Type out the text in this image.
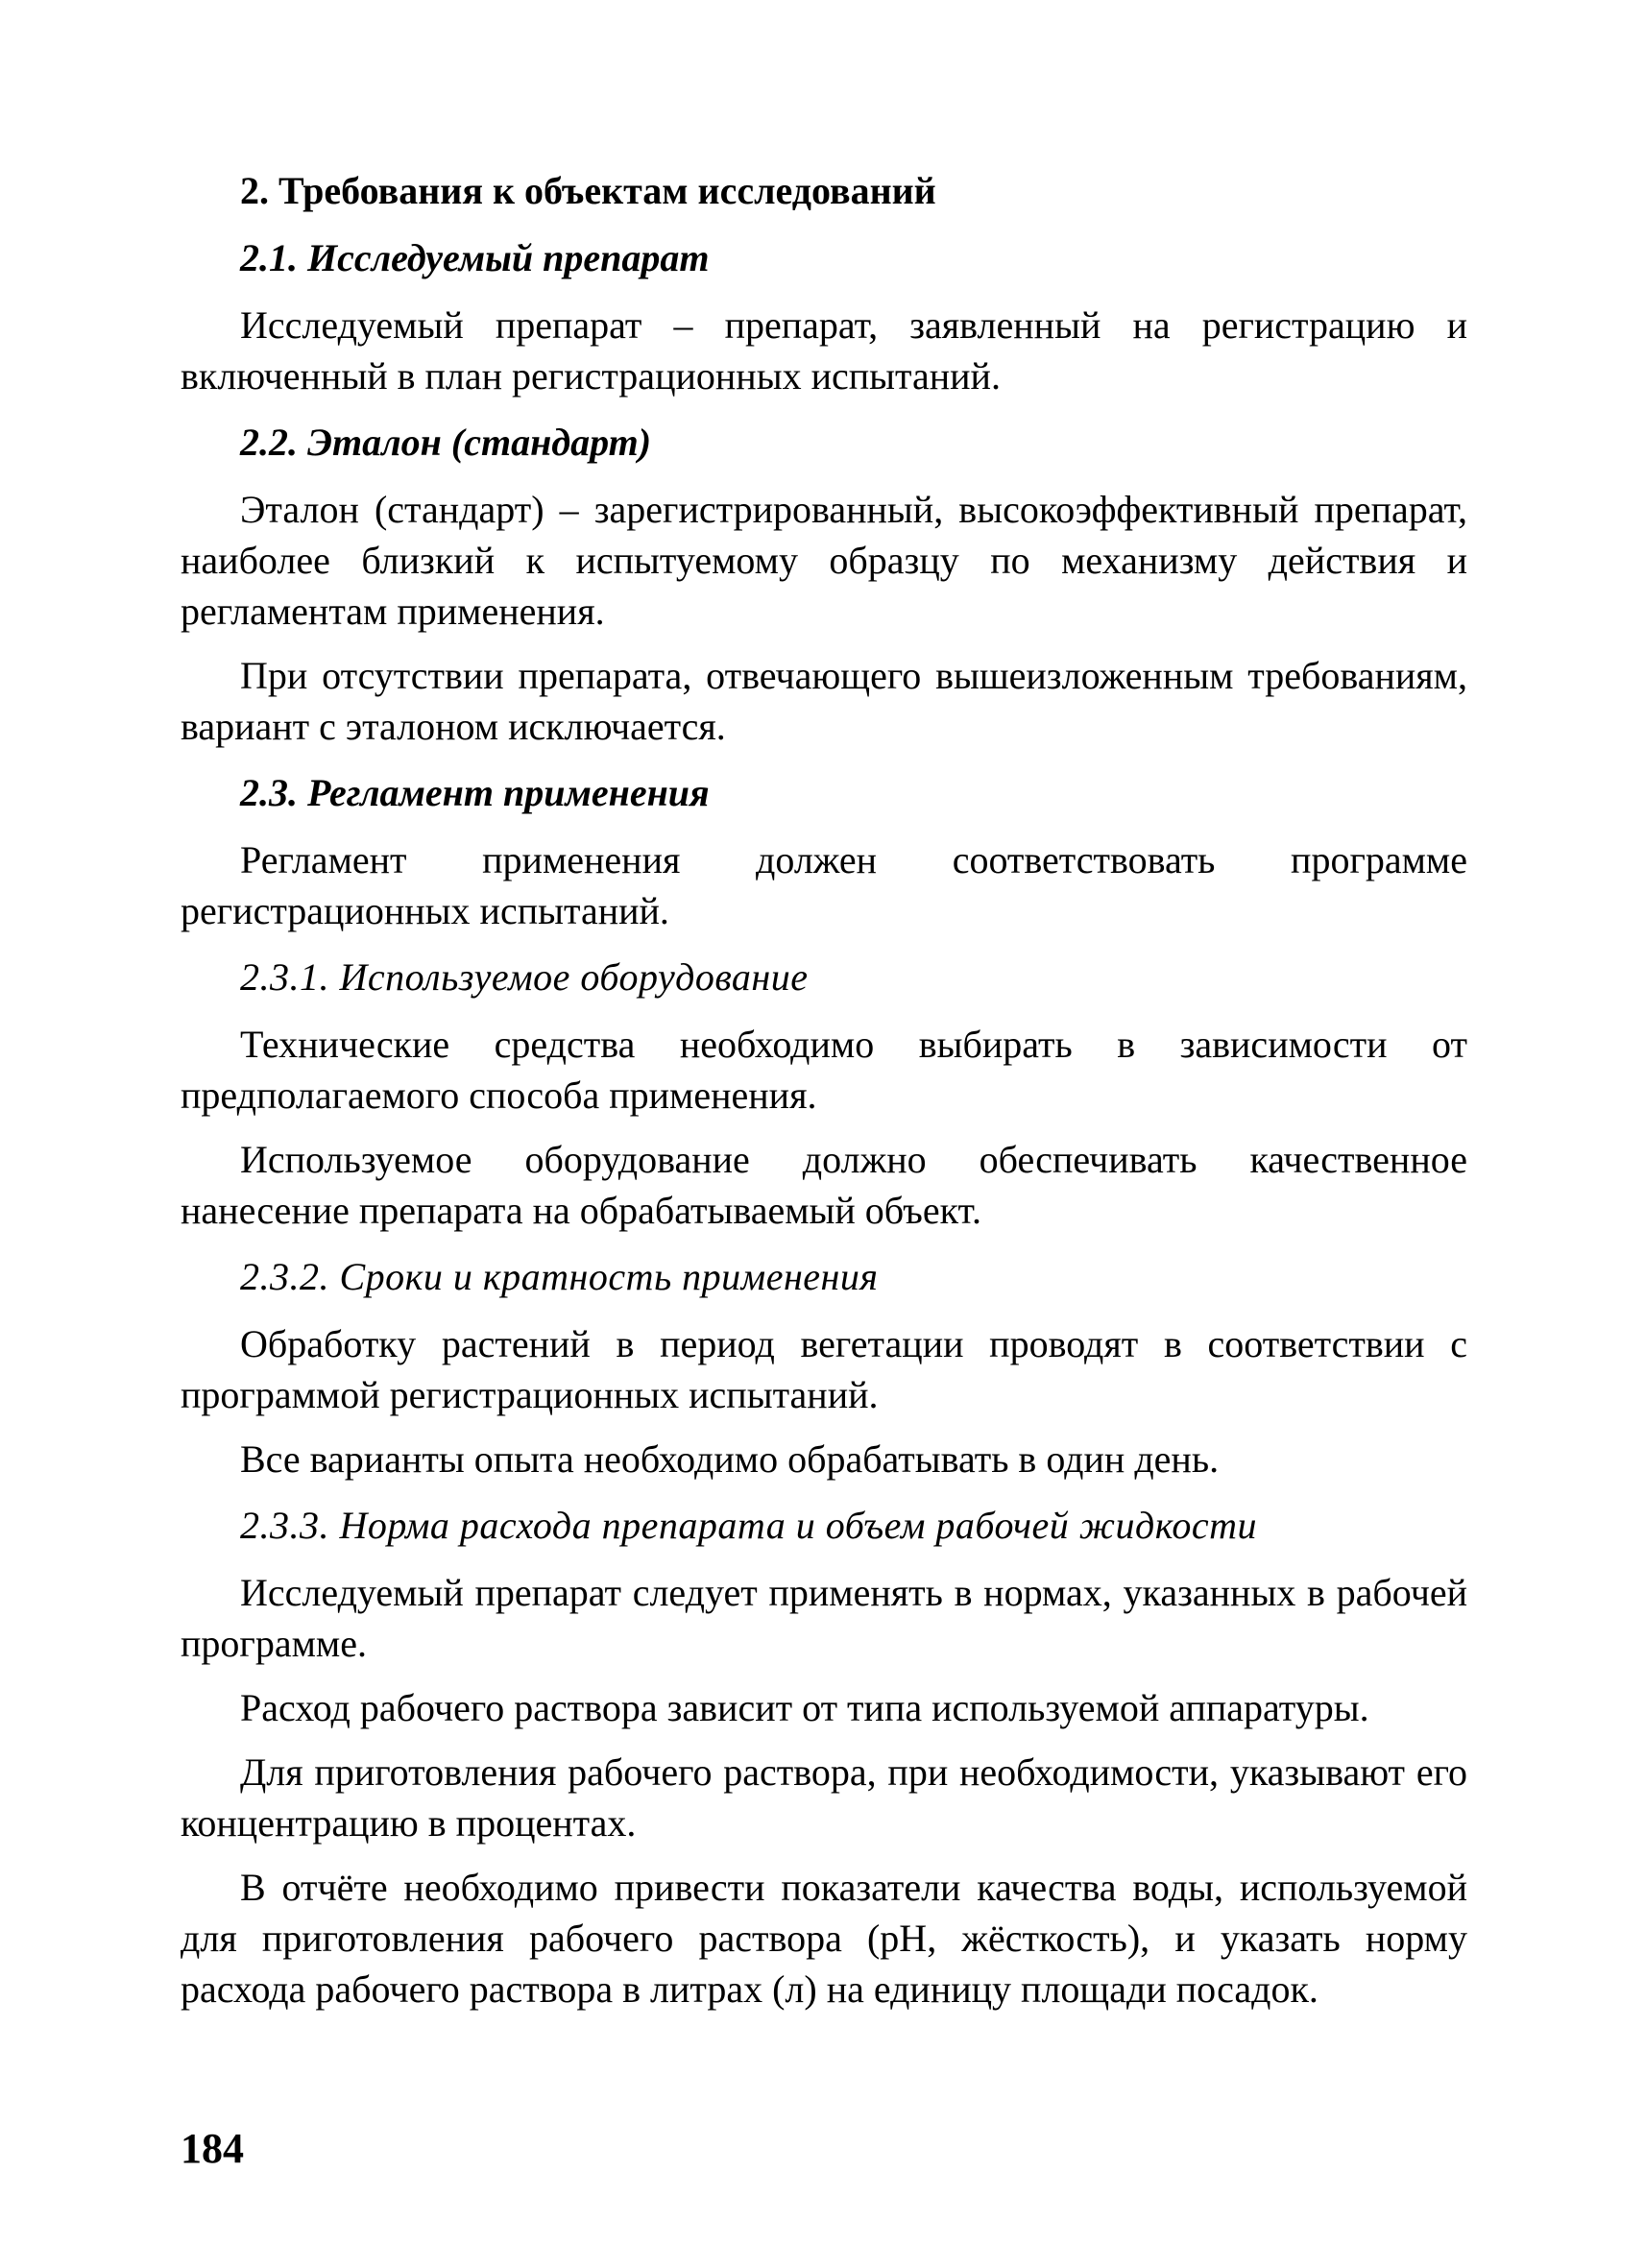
2. Требования к объектам исследований
2.1. Исследуемый препарат

Исследуемый препарат – препарат, заявленный на регистрацию и включенный в план регистрационных испытаний.

2.2. Эталон (стандарт)

Эталон (стандарт) – зарегистрированный, высокоэффективный препарат, наиболее близкий к испытуемому образцу по механизму действия и регламентам применения.

При отсутствии препарата, отвечающего вышеизложенным требованиям, вариант с эталоном исключается.

2.3. Регламент применения

Регламент применения должен соответствовать программе регистрационных испытаний.

2.3.1. Используемое оборудование

Технические средства необходимо выбирать в зависимости от предполагаемого способа применения.

Используемое оборудование должно обеспечивать качественное нанесение препарата на обрабатываемый объект.

2.3.2. Сроки и кратность применения

Обработку растений в период вегетации проводят в соответствии с программой регистрационных испытаний.

Все варианты опыта необходимо обрабатывать в один день.

2.3.3. Норма расхода препарата и объем рабочей жидкости

Исследуемый препарат следует применять в нормах, указанных в рабочей программе.

Расход рабочего раствора зависит от типа используемой аппаратуры.

Для приготовления рабочего раствора, при необходимости, указывают его концентрацию в процентах.

В отчёте необходимо привести показатели качества воды, используемой для приготовления рабочего раствора (pH, жёсткость), и указать норму расхода рабочего раствора в литрах (л) на единицу площади посадок.

184
